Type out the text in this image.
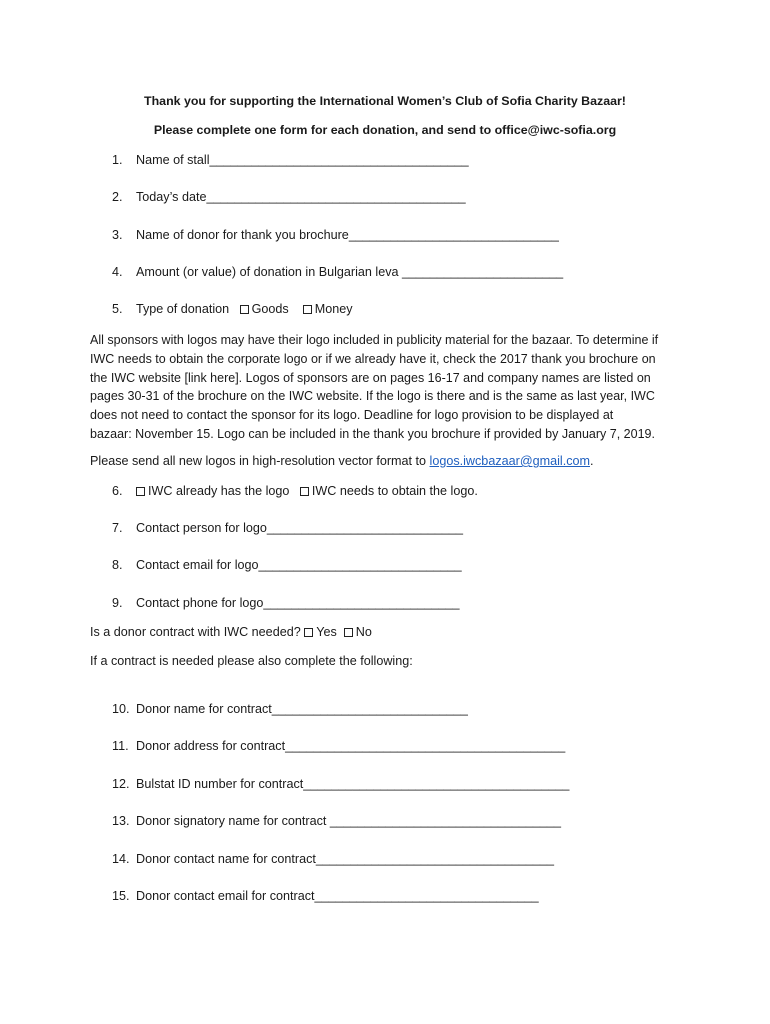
Thank you for supporting the International Women’s Club of Sofia Charity Bazaar!
Please complete one form for each donation, and send to office@iwc-sofia.org
1. Name of stall_____________________________________
2. Today’s date_____________________________________
3. Name of donor for thank you brochure______________________________
4. Amount (or value) of donation in Bulgarian leva _______________________
5. Type of donation Goods Money
All sponsors with logos may have their logo included in publicity material for the bazaar. To determine if
IWC needs to obtain the corporate logo or if we already have it, check the 2017 thank you brochure on
the IWC website [link here]. Logos of sponsors are on pages 16-17 and company names are listed on
pages 30-31 of the brochure on the IWC website. If the logo is there and is the same as last year, IWC
does not need to contact the sponsor for its logo. Deadline for logo provision to be displayed at
bazaar: November 15. Logo can be included in the thank you brochure if provided by January 7, 2019.
Please send all new logos in high-resolution vector format to logos.iwcbazaar@gmail.com.
6.	IWC already has the logo IWC needs to obtain the logo.
7. Contact person for logo____________________________
8. Contact email for logo_____________________________
9. Contact phone for logo____________________________
Is a donor contract with IWC needed? Yes No
If a contract is needed please also complete the following:
10. Donor name for contract____________________________
11. Donor address for contract________________________________________
12. Bulstat ID number for contract______________________________________
13. Donor signatory name for contract _________________________________
14. Donor contact name for contract__________________________________
15. Donor contact email for contract________________________________
